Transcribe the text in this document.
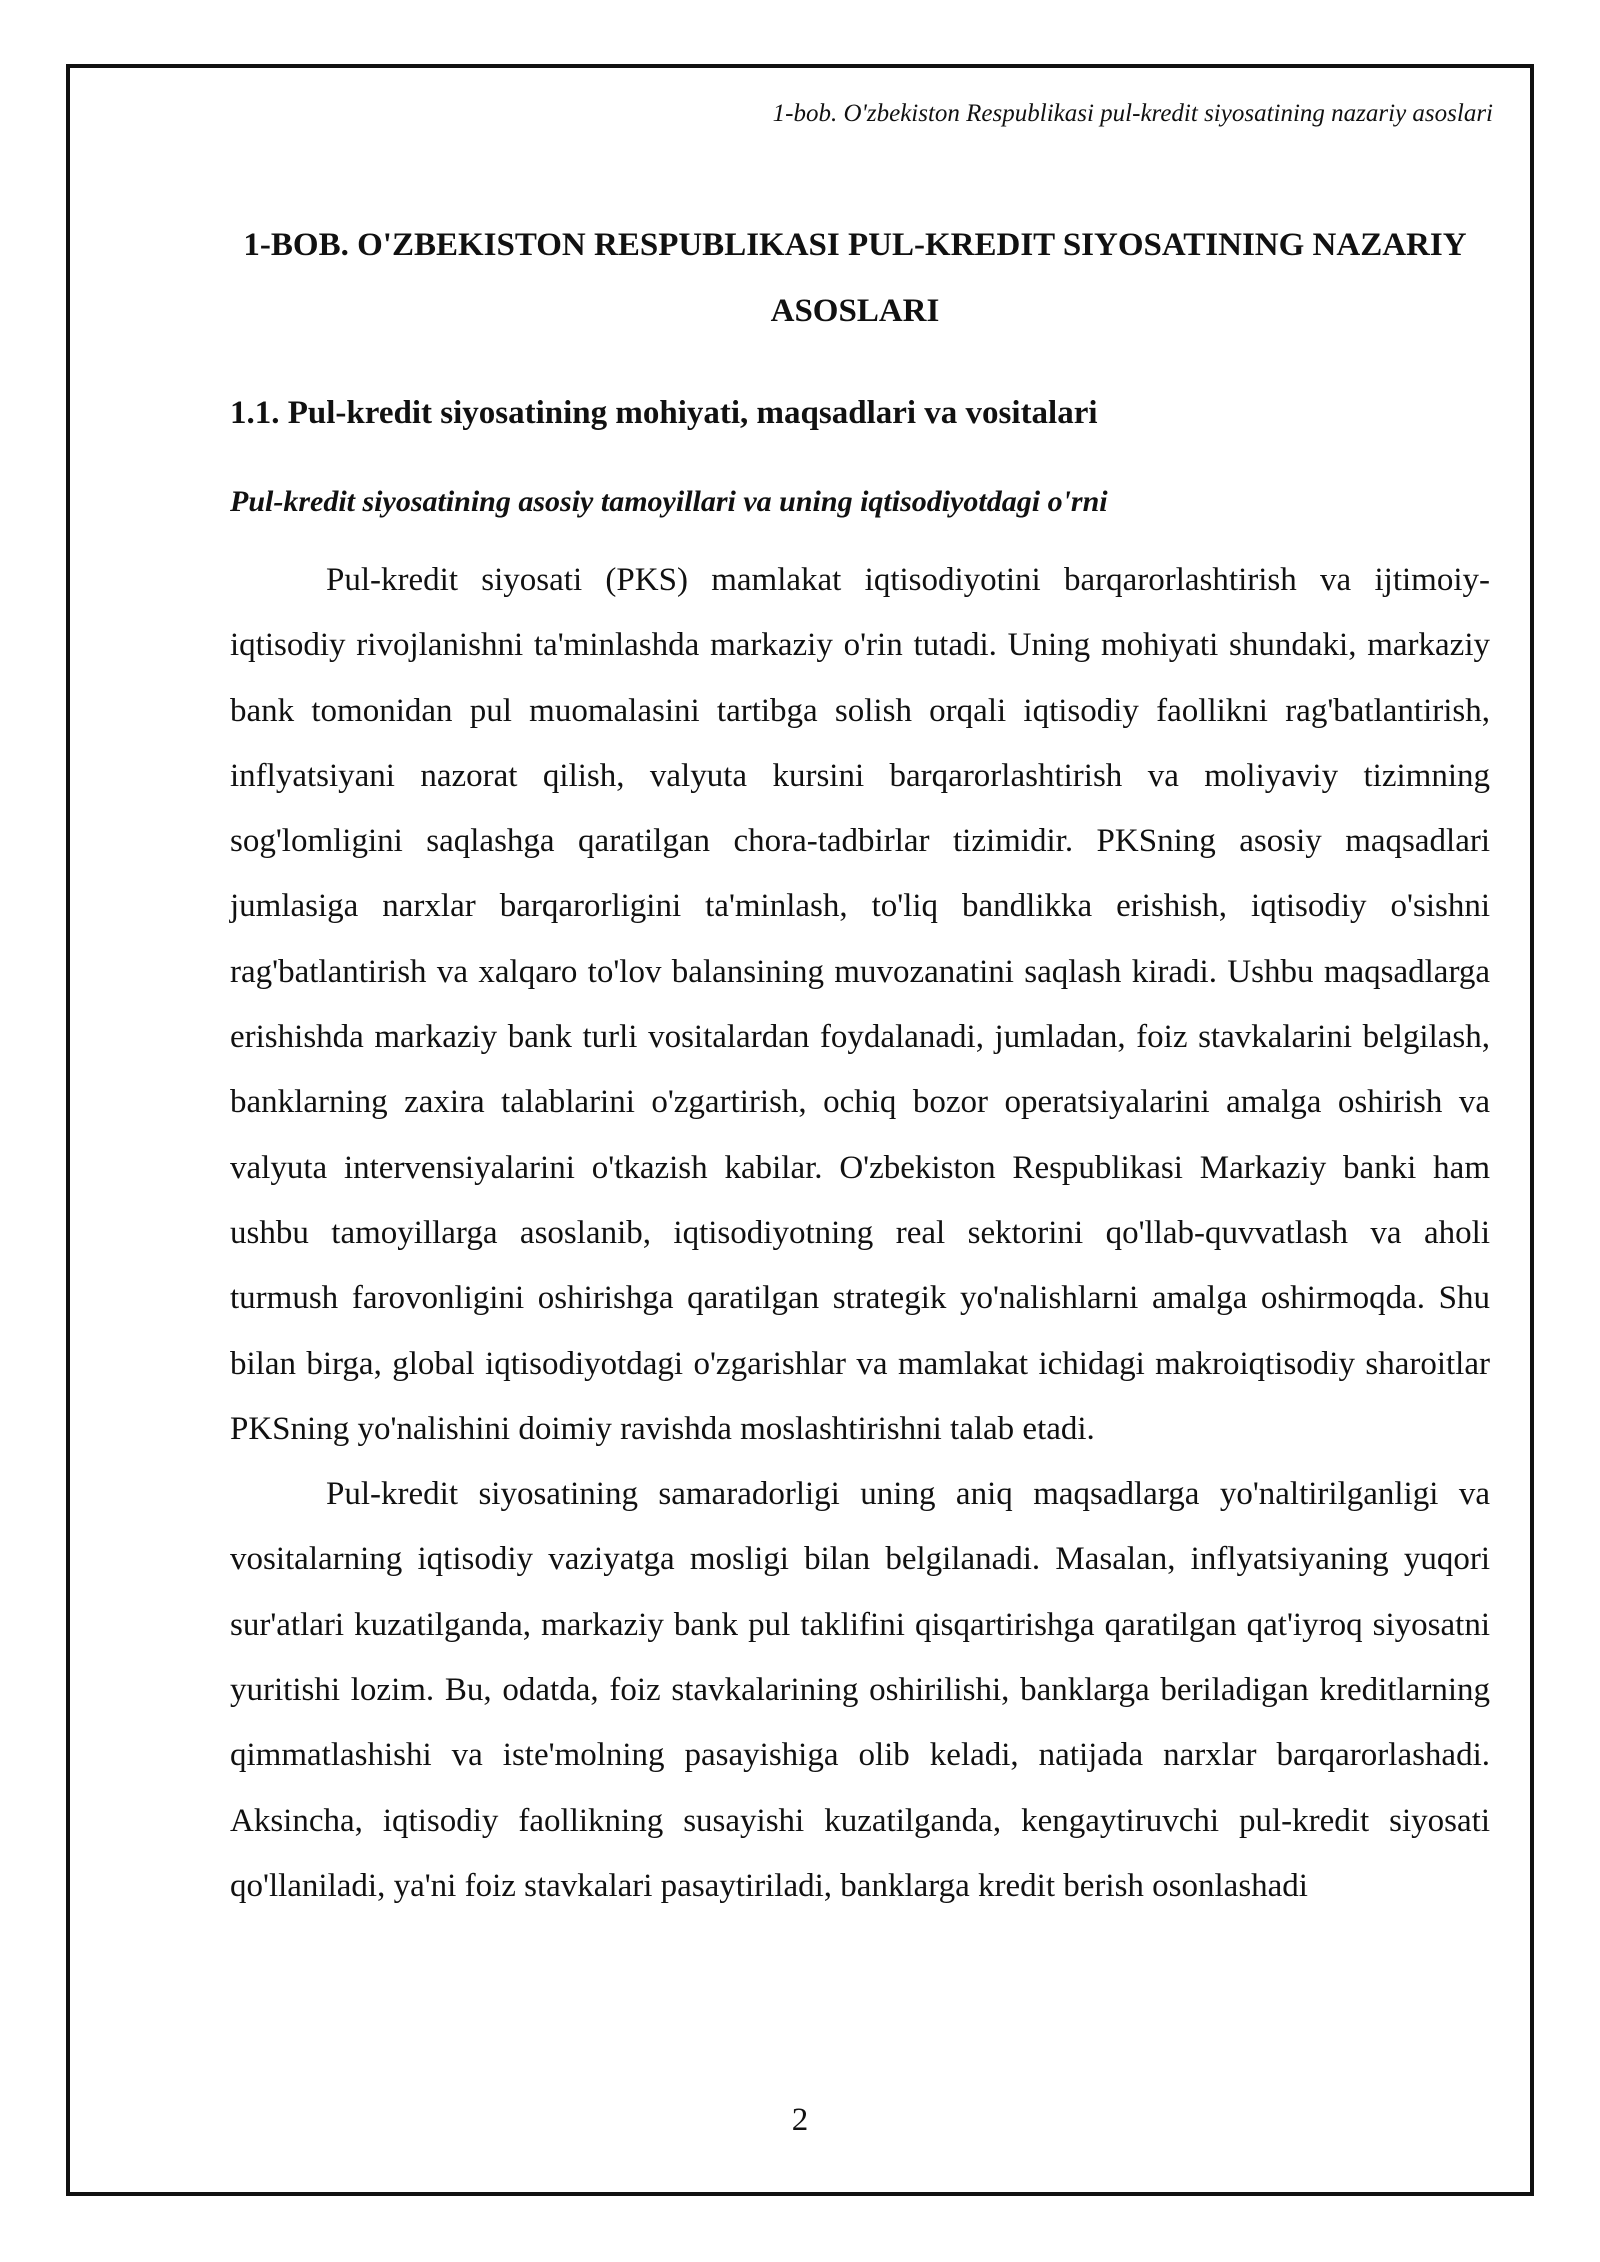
1-bob. O'zbekiston Respublikasi pul-kredit siyosatining nazariy asoslari
1-BOB. O'ZBEKISTON RESPUBLIKASI PUL-KREDIT SIYOSATINING NAZARIY ASOSLARI
1.1. Pul-kredit siyosatining mohiyati, maqsadlari va vositalari
Pul-kredit siyosatining asosiy tamoyillari va uning iqtisodiyotdagi o'rni

Pul-kredit siyosati (PKS) mamlakat iqtisodiyotini barqarorlashtirish va ijtimoiy-iqtisodiy rivojlanishni ta'minlashda markaziy o'rin tutadi. Uning mohiyati shundaki, markaziy bank tomonidan pul muomalasini tartibga solish orqali iqtisodiy faollikni rag'batlantirish, inflyatsiyani nazorat qilish, valyuta kursini barqarorlashtirish va moliyaviy tizimning sog'lomligini saqlashga qaratilgan chora-tadbirlar tizimidir. PKSning asosiy maqsadlari jumlasiga narxlar barqarorligini ta'minlash, to'liq bandlikka erishish, iqtisodiy o'sishni rag'batlantirish va xalqaro to'lov balansining muvozanatini saqlash kiradi. Ushbu maqsadlarga erishishda markaziy bank turli vositalardan foydalanadi, jumladan, foiz stavkalarini belgilash, banklarning zaxira talablarini o'zgartirish, ochiq bozor operatsiyalarini amalga oshirish va valyuta intervensiyalarini o'tkazish kabilar. O'zbekiston Respublikasi Markaziy banki ham ushbu tamoyillarga asoslanib, iqtisodiyotning real sektorini qo'llab-quvvatlash va aholi turmush farovonligini oshirishga qaratilgan strategik yo'nalishlarni amalga oshirmoqda. Shu bilan birga, global iqtisodiyotdagi o'zgarishlar va mamlakat ichidagi makroiqtisodiy sharoitlar PKSning yo'nalishini doimiy ravishda moslashtirishni talab etadi.

Pul-kredit siyosatining samaradorligi uning aniq maqsadlarga yo'naltirilganligi va vositalarning iqtisodiy vaziyatga mosligi bilan belgilanadi. Masalan, inflyatsiyaning yuqori sur'atlari kuzatilganda, markaziy bank pul taklifini qisqartirishga qaratilgan qat'iyroq siyosatni yuritishi lozim. Bu, odatda, foiz stavkalarining oshirilishi, banklarga beriladigan kreditlarning qimmatlashishi va iste'molning pasayishiga olib keladi, natijada narxlar barqarorlashadi. Aksincha, iqtisodiy faollikning susayishi kuzatilganda, kengaytiruvchi pul-kredit siyosati qo'llaniladi, ya'ni foiz stavkalari pasaytiriladi, banklarga kredit berish osonlashadi

2
